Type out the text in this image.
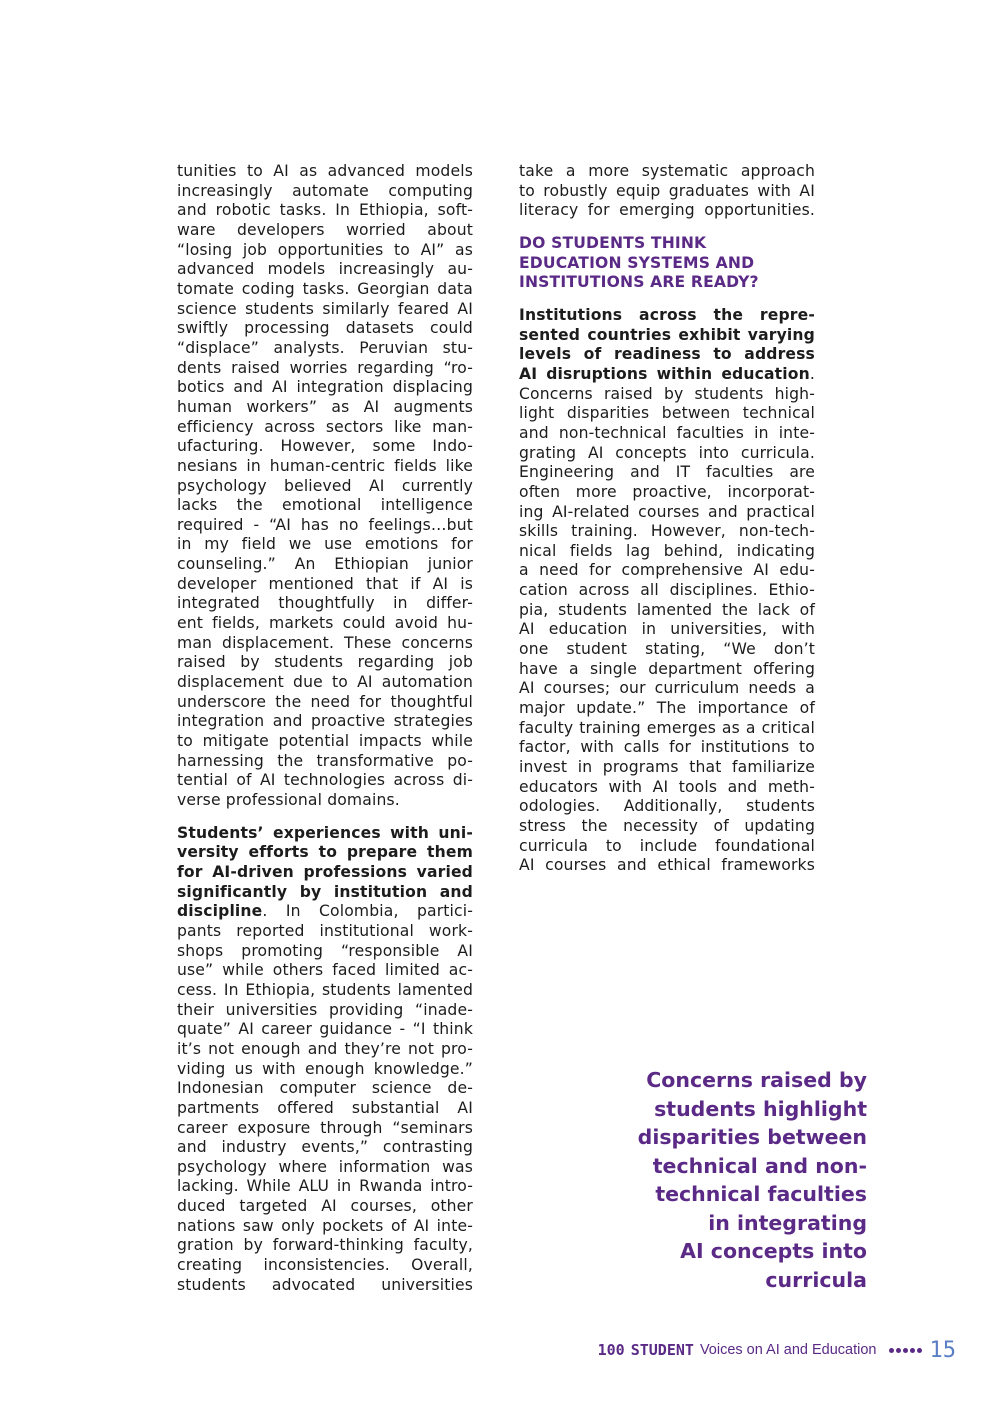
tunities to AI as advanced models
increasingly automate computing
and robotic tasks. In Ethiopia, soft-
ware developers worried about
“losing job opportunities to AI” as
advanced models increasingly au-
tomate coding tasks. Georgian data
science students similarly feared AI
swiftly processing datasets could
“displace” analysts. Peruvian stu-
dents raised worries regarding “ro-
botics and AI integration displacing
human workers” as AI augments
efficiency across sectors like man-
ufacturing. However, some Indo-
nesians in human-centric fields like
psychology believed AI currently
lacks the emotional intelligence
required - “AI has no feelings…but
in my field we use emotions for
counseling.” An Ethiopian junior
developer mentioned that if AI is
integrated thoughtfully in differ-
ent fields, markets could avoid hu-
man displacement. These concerns
raised by students regarding job
displacement due to AI automation
underscore the need for thoughtful
integration and proactive strategies
to mitigate potential impacts while
harnessing the transformative po-
tential of AI technologies across di-
verse professional domains.

Students’ experiences with uni-
versity efforts to prepare them
for AI-driven professions varied
significantly by institution and
discipline. In Colombia, partici-
pants reported institutional work-
shops promoting “responsible AI
use” while others faced limited ac-
cess. In Ethiopia, students lamented
their universities providing “inade-
quate” AI career guidance - “I think
it’s not enough and they’re not pro-
viding us with enough knowledge.”
Indonesian computer science de-
partments offered substantial AI
career exposure through “seminars
and industry events,” contrasting
psychology where information was
lacking. While ALU in Rwanda intro-
duced targeted AI courses, other
nations saw only pockets of AI inte-
gration by forward-thinking faculty,
creating inconsistencies. Overall,
students advocated universities

take a more systematic approach
to robustly equip graduates with AI

literacy for emerging opportunities.

DO STUDENTS THINK
EDUCATION SYSTEMS AND
INSTITUTIONS ARE READY?

Institutions across the repre-
sented countries exhibit varying
levels of readiness to address
AI disruptions within education.
Concerns raised by students high-
light disparities between technical
and non-technical faculties in inte-
grating AI concepts into curricula.
Engineering and IT faculties are
often more proactive, incorporat-
ing AI-related courses and practical
skills training. However, non-tech-
nical fields lag behind, indicating
a need for comprehensive AI edu-
cation across all disciplines. Ethio-
pia, students lamented the lack of
AI education in universities, with
one student stating, “We don’t
have a single department offering
AI courses; our curriculum needs a
major update.” The importance of
faculty training emerges as a critical
factor, with calls for institutions to
invest in programs that familiarize
educators with AI tools and meth-
odologies. Additionally, students
stress the necessity of updating
curricula to include foundational
AI courses and ethical frameworks

Concerns raised by
students highlight
disparities between
technical and non-
technical faculties
in integrating
AI concepts into
curricula
100 STUDENT Voices on AI and Education 15
